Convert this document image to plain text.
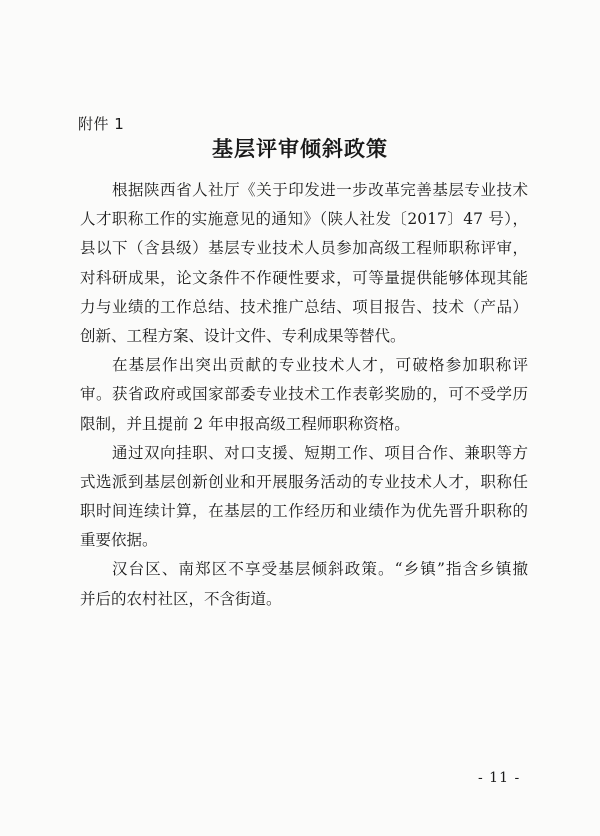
附件 1
基层评审倾斜政策
根据陕西省人社厅《关于印发进一步改革完善基层专业技术
人才职称工作的实施意见的通知》（陕人社发〔2017〕47 号），
县以下（含县级）基层专业技术人员参加高级工程师职称评审，
对科研成果，论文条件不作硬性要求，可等量提供能够体现其能
力与业绩的工作总结、技术推广总结、项目报告、技术（产品）
创新、工程方案、设计文件、专利成果等替代。
在基层作出突出贡献的专业技术人才，可破格参加职称评
审。获省政府或国家部委专业技术工作表彰奖励的，可不受学历
限制，并且提前 2 年申报高级工程师职称资格。
通过双向挂职、对口支援、短期工作、项目合作、兼职等方
式选派到基层创新创业和开展服务活动的专业技术人才，职称任
职时间连续计算，在基层的工作经历和业绩作为优先晋升职称的
重要依据。
汉台区、南郑区不享受基层倾斜政策。“乡镇”指含乡镇撤
并后的农村社区，不含街道。
- 11 -
